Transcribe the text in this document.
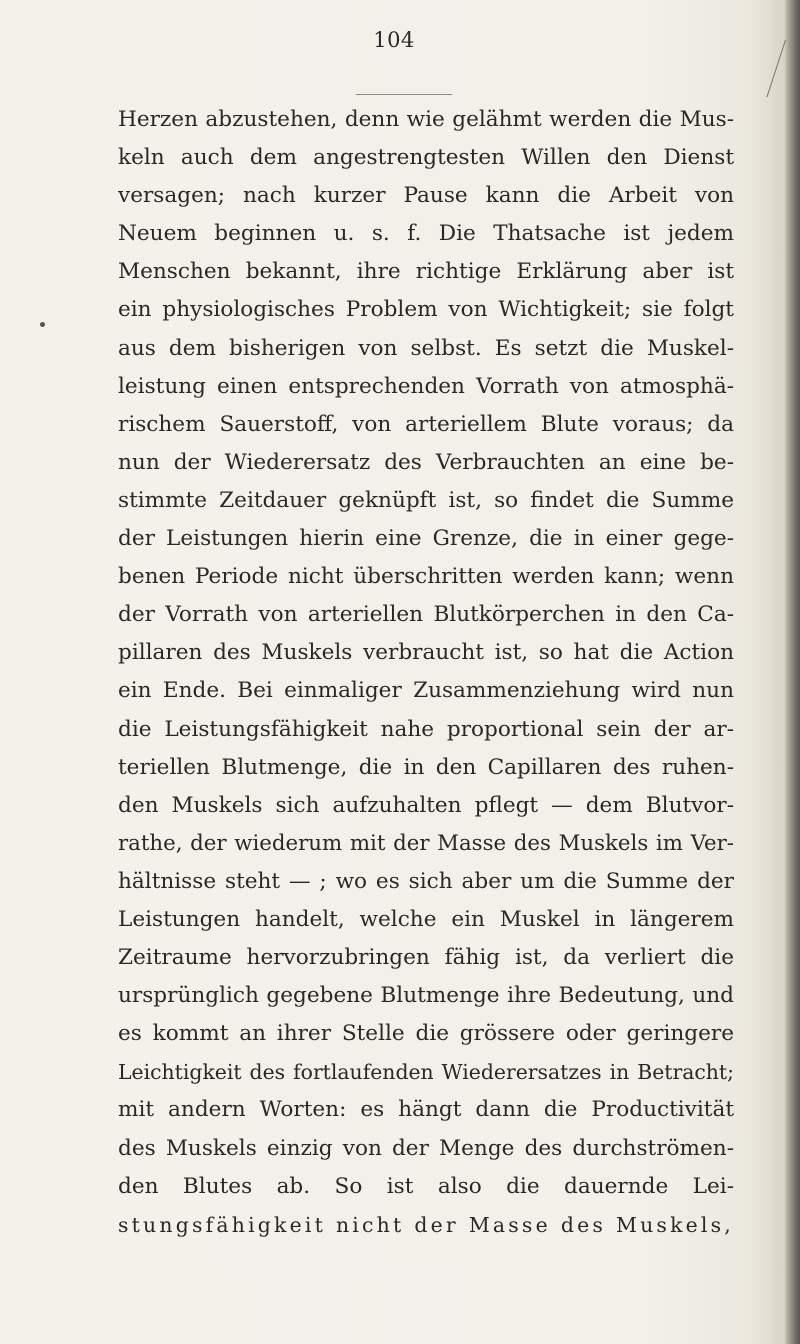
104
Herzen abzustehen, denn wie gelähmt werden die Mus-
keln auch dem angestrengtesten Willen den Dienst
versagen; nach kurzer Pause kann die Arbeit von
Neuem beginnen u. s. f. Die Thatsache ist jedem
Menschen bekannt, ihre richtige Erklärung aber ist
ein physiologisches Problem von Wichtigkeit; sie folgt
aus dem bisherigen von selbst. Es setzt die Muskel-
leistung einen entsprechenden Vorrath von atmosphä-
rischem Sauerstoff, von arteriellem Blute voraus; da
nun der Wiederersatz des Verbrauchten an eine be-
stimmte Zeitdauer geknüpft ist, so findet die Summe
der Leistungen hierin eine Grenze, die in einer gege-
benen Periode nicht überschritten werden kann; wenn
der Vorrath von arteriellen Blutkörperchen in den Ca-
pillaren des Muskels verbraucht ist, so hat die Action
ein Ende. Bei einmaliger Zusammenziehung wird nun
die Leistungsfähigkeit nahe proportional sein der ar-
teriellen Blutmenge, die in den Capillaren des ruhen-
den Muskels sich aufzuhalten pflegt — dem Blutvor-
rathe, der wiederum mit der Masse des Muskels im Ver-
hältnisse steht — ; wo es sich aber um die Summe der
Leistungen handelt, welche ein Muskel in längerem
Zeitraume hervorzubringen fähig ist, da verliert die
ursprünglich gegebene Blutmenge ihre Bedeutung, und
es kommt an ihrer Stelle die grössere oder geringere
Leichtigkeit des fortlaufenden Wiederersatzes in Betracht;
mit andern Worten: es hängt dann die Productivität
des Muskels einzig von der Menge des durchströmen-
den Blutes ab. So ist also die dauernde Lei-
stungsfähigkeit nicht der Masse des Muskels,
